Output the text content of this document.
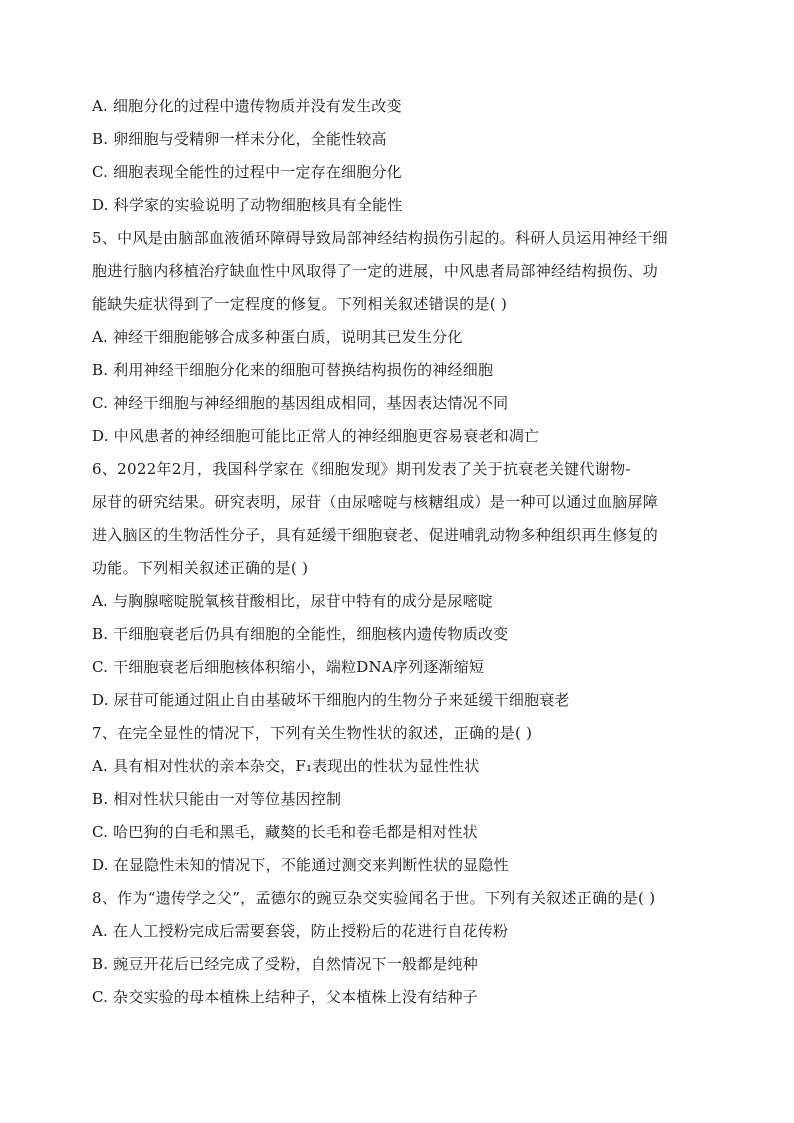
A. 细胞分化的过程中遗传物质并没有发生改变
B. 卵细胞与受精卵一样未分化，全能性较高
C. 细胞表现全能性的过程中一定存在细胞分化
D. 科学家的实验说明了动物细胞核具有全能性
5、中风是由脑部血液循环障碍导致局部神经结构损伤引起的。科研人员运用神经干细
胞进行脑内移植治疗缺血性中风取得了一定的进展，中风患者局部神经结构损伤、功
能缺失症状得到了一定程度的修复。下列相关叙述错误的是( )
A. 神经干细胞能够合成多种蛋白质，说明其已发生分化
B. 利用神经干细胞分化来的细胞可替换结构损伤的神经细胞
C. 神经干细胞与神经细胞的基因组成相同，基因表达情况不同
D. 中风患者的神经细胞可能比正常人的神经细胞更容易衰老和凋亡
6、2022年2月，我国科学家在《细胞发现》期刊发表了关于抗衰老关键代谢物-
尿苷的研究结果。研究表明，尿苷（由尿嘧啶与核糖组成）是一种可以通过血脑屏障
进入脑区的生物活性分子，具有延缓干细胞衰老、促进哺乳动物多种组织再生修复的
功能。下列相关叙述正确的是( )
A. 与胸腺嘧啶脱氧核苷酸相比，尿苷中特有的成分是尿嘧啶
B. 干细胞衰老后仍具有细胞的全能性，细胞核内遗传物质改变
C. 干细胞衰老后细胞核体积缩小，端粒DNA序列逐渐缩短
D. 尿苷可能通过阻止自由基破坏干细胞内的生物分子来延缓干细胞衰老
7、在完全显性的情况下，下列有关生物性状的叙述，正确的是( )
A. 具有相对性状的亲本杂交，F₁表现出的性状为显性性状
B. 相对性状只能由一对等位基因控制
C. 哈巴狗的白毛和黑毛，藏獒的长毛和卷毛都是相对性状
D. 在显隐性未知的情况下，不能通过测交来判断性状的显隐性
8、作为“遗传学之父”，孟德尔的豌豆杂交实验闻名于世。下列有关叙述正确的是( )
A. 在人工授粉完成后需要套袋，防止授粉后的花进行自花传粉
B. 豌豆开花后已经完成了受粉，自然情况下一般都是纯种
C. 杂交实验的母本植株上结种子，父本植株上没有结种子
